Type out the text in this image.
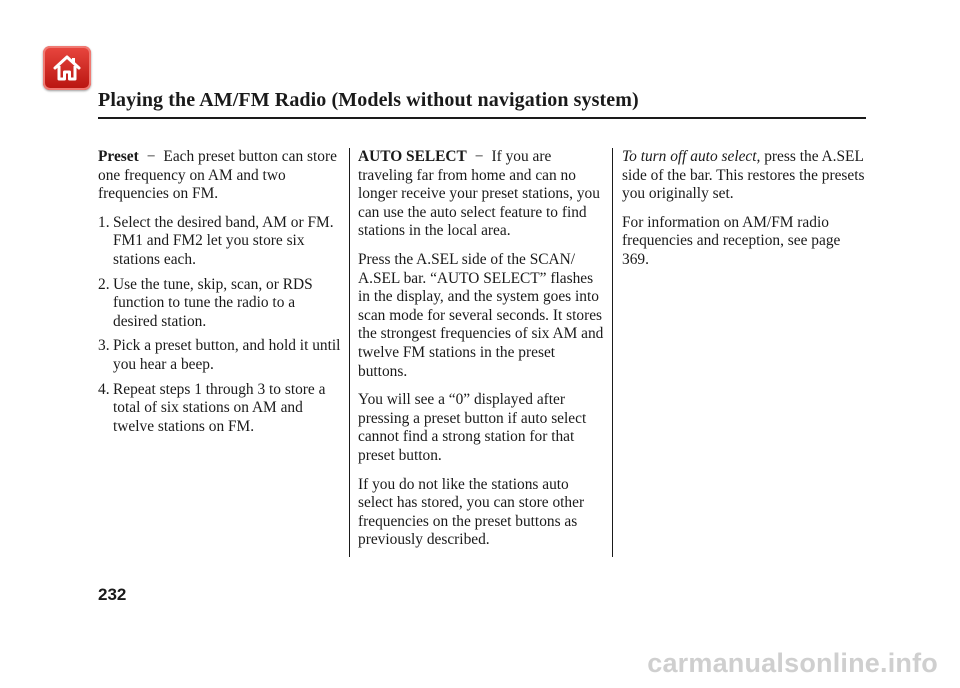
Playing the AM/FM Radio (Models without navigation system)

Preset − Each preset button can store one frequency on AM and two frequencies on FM.

1. Select the desired band, AM or FM. FM1 and FM2 let you store six stations each.
2. Use the tune, skip, scan, or RDS function to tune the radio to a desired station.
3. Pick a preset button, and hold it until you hear a beep.
4. Repeat steps 1 through 3 to store a total of six stations on AM and twelve stations on FM.

AUTO SELECT − If you are traveling far from home and can no longer receive your preset stations, you can use the auto select feature to find stations in the local area.

Press the A.SEL side of the SCAN/ A.SEL bar. “AUTO SELECT” flashes in the display, and the system goes into scan mode for several seconds. It stores the strongest frequencies of six AM and twelve FM stations in the preset buttons.

You will see a “0” displayed after pressing a preset button if auto select cannot find a strong station for that preset button.

If you do not like the stations auto select has stored, you can store other frequencies on the preset buttons as previously described.

To turn off auto select, press the A.SEL side of the bar. This restores the presets you originally set.

For information on AM/FM radio frequencies and reception, see page 369.

232
carmanualsonline.info
